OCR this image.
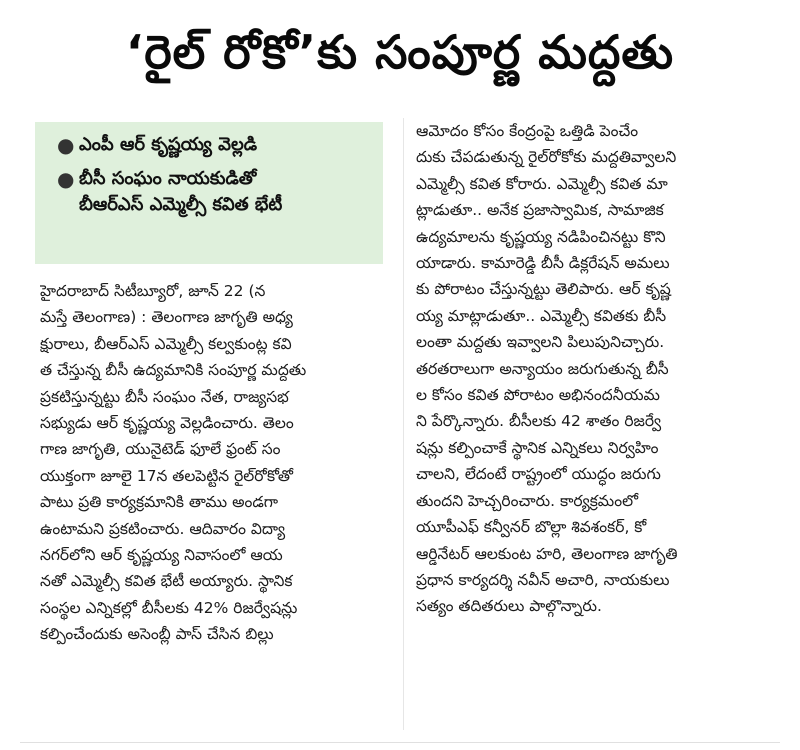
‘రైల్ రోకో’కు సంపూర్ణ మద్దతు
● ఎంపీ ఆర్ కృష్ణయ్య వెల్లడి
● బీసీ సంఘం నాయకుడితో
బీఆర్ఎస్ ఎమ్మెల్సీ కవిత భేటీ
హైదరాబాద్ సిటీబ్యూరో, జూన్ 22 (న
మస్తే తెలంగాణ) : తెలంగాణ జాగృతి అధ్య
క్షురాలు, బీఆర్ఎస్ ఎమ్మెల్సీ కల్వకుంట్ల కవి
త చేస్తున్న బీసీ ఉద్యమానికి సంపూర్ణ మద్దతు
ప్రకటిస్తున్నట్టు బీసీ సంఘం నేత, రాజ్యసభ
సభ్యుడు ఆర్ కృష్ణయ్య వెల్లడించారు. తెలం
గాణ జాగృతి, యునైటెడ్ ఫూలే ఫ్రంట్ సం
యుక్తంగా జూలై 17న తలపెట్టిన రైల్‌రోకోతో
పాటు ప్రతి కార్యక్రమానికి తాము అండగా
ఉంటామని ప్రకటించారు. ఆదివారం విద్యా
నగర్‌లోని ఆర్ కృష్ణయ్య నివాసంలో ఆయ
నతో ఎమ్మెల్సీ కవిత భేటీ అయ్యారు. స్థానిక
సంస్థల ఎన్నికల్లో బీసీలకు 42% రిజర్వేషన్లు
కల్పించేందుకు అసెంబ్లీ పాస్ చేసిన బిల్లు
ఆమోదం కోసం కేంద్రంపై ఒత్తిడి పెంచేం
దుకు చేపడుతున్న రైల్‌రోకోకు మద్దతివ్వాలని
ఎమ్మెల్సీ కవిత కోరారు. ఎమ్మెల్సీ కవిత మా
ట్లాడుతూ.. అనేక ప్రజాస్వామిక, సామాజిక
ఉద్యమాలను కృష్ణయ్య నడిపించినట్టు కొని
యాడారు. కామారెడ్డి బీసీ డిక్లరేషన్ అమలు
కు పోరాటం చేస్తున్నట్టు తెలిపారు. ఆర్ కృష్ణ
య్య మాట్లాడుతూ.. ఎమ్మెల్సీ కవితకు బీసీ
లంతా మద్దతు ఇవ్వాలని పిలుపునిచ్చారు.
తరతరాలుగా అన్యాయం జరుగుతున్న బీసీ
ల కోసం కవిత పోరాటం అభినందనీయమ
ని పేర్కొన్నారు. బీసీలకు 42 శాతం రిజర్వే
షన్లు కల్పించాకే స్థానిక ఎన్నికలు నిర్వహిం
చాలని, లేదంటే రాష్ట్రంలో యుద్ధం జరుగు
తుందని హెచ్చరించారు. కార్యక్రమంలో
యూపీఎఫ్ కన్వీనర్ బొల్లా శివశంకర్, కో
ఆర్డినేటర్ ఆలకుంట హరి, తెలంగాణ జాగృతి
ప్రధాన కార్యదర్శి నవీన్ అచారి, నాయకులు
సత్యం తదితరులు పాల్గొన్నారు.
